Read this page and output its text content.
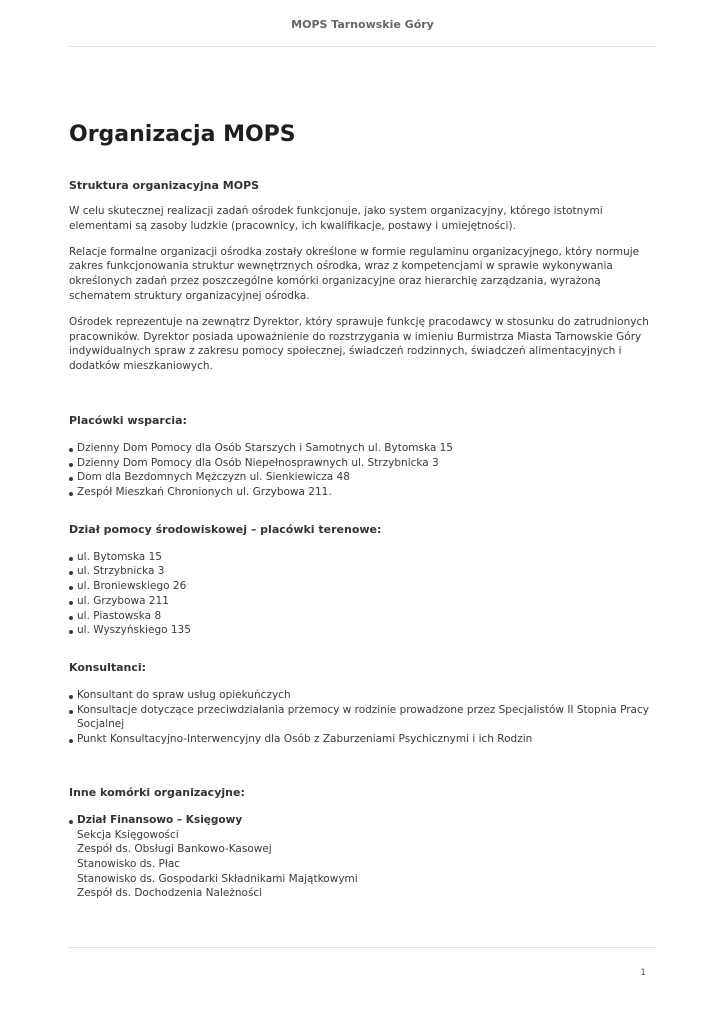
MOPS Tarnowskie Góry
Organizacja MOPS
Struktura organizacyjna MOPS

W celu skutecznej realizacji zadań ośrodek funkcjonuje, jako system organizacyjny, którego istotnymi elementami są zasoby ludzkie (pracownicy, ich kwalifikacje, postawy i umiejętności).

Relacje formalne organizacji ośrodka zostały określone w formie regulaminu organizacyjnego, który normuje zakres funkcjonowania struktur wewnętrznych ośrodka, wraz z kompetencjami w sprawie wykonywania określonych zadań przez poszczególne komórki organizacyjne oraz hierarchię zarządzania, wyrażoną schematem struktury organizacyjnej ośrodka.

Ośrodek reprezentuje na zewnątrz Dyrektor, który sprawuje funkcję pracodawcy w stosunku do zatrudnionych pracowników. Dyrektor posiada upoważnienie do rozstrzygania w imieniu Burmistrza Miasta Tarnowskie Góry indywidualnych spraw z zakresu pomocy społecznej, świadczeń rodzinnych, świadczeń alimentacyjnych i dodatków mieszkaniowych.

Placówki wsparcia:
Dzienny Dom Pomocy dla Osób Starszych i Samotnych ul. Bytomska 15
Dzienny Dom Pomocy dla Osób Niepełnosprawnych ul. Strzybnicka 3
Dom dla Bezdomnych Mężczyzn ul. Sienkiewicza 48
Zespół Mieszkań Chronionych ul. Grzybowa 211.
Dział pomocy środowiskowej – placówki terenowe:
ul. Bytomska 15
ul. Strzybnicka 3
ul. Broniewskiego 26
ul. Grzybowa 211
ul. Piastowska 8
ul. Wyszyńskiego 135
Konsultanci:
Konsultant do spraw usług opiekuńczych
Konsultacje dotyczące przeciwdziałania przemocy w rodzinie prowadzone przez Specjalistów II Stopnia Pracy Socjalnej
Punkt Konsultacyjno-Interwencyjny dla Osób z Zaburzeniami Psychicznymi i ich Rodzin
Inne komórki organizacyjne:
Dział Finansowo – Księgowy
Sekcja Księgowości
Zespół ds. Obsługi Bankowo-Kasowej
Stanowisko ds. Płac
Stanowisko ds. Gospodarki Składnikami Majątkowymi
Zespół ds. Dochodzenia Należności
1
